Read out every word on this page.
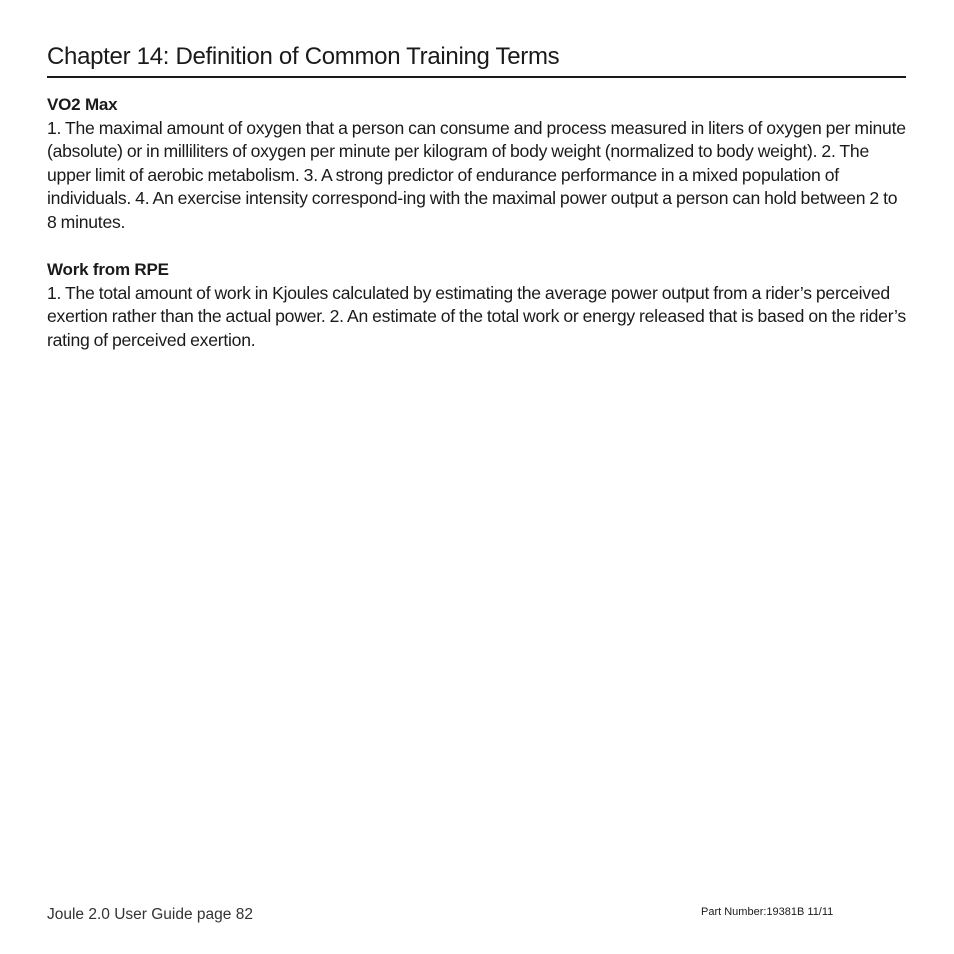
Chapter 14: Definition of Common Training Terms

VO2 Max

1. The maximal amount of oxygen that a person can consume and process measured in liters of oxygen per minute (absolute) or in milliliters of oxygen per minute per kilogram of body weight (normalized to body weight). 2. The upper limit of aerobic metabolism. 3. A strong predictor of endurance performance in a mixed population of individuals. 4. An exercise intensity correspond-ing with the maximal power output a person can hold between 2 to 8 minutes.

Work from RPE

1. The total amount of work in Kjoules calculated by estimating the average power output from a rider’s perceived exertion rather than the actual power. 2. An estimate of the total work or energy released that is based on the rider’s rating of perceived exertion.

Joule 2.0 User Guide page 82	Part Number:19381B 11/11
